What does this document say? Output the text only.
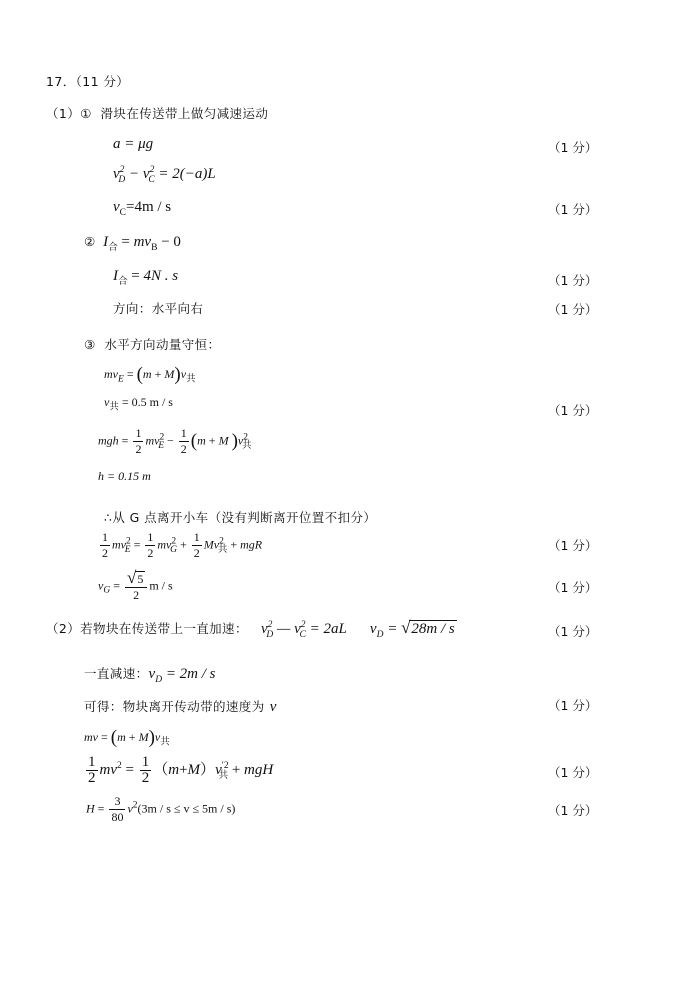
17．（11 分）
（1）① 滑块在传送带上做匀减速运动
a = μg	（1 分）
$v^2_D - v^2_C = 2(-a)L$
$v_C=4m / s$	（1 分）
② $I_合 = mv_B - 0$
$I_合 = 4N$ . s	（1 分）
方向：水平向右	（1 分）
③ 水平方向动量守恒：
$mv_E = (m + M)v_共$
$v_共 = 0.5$ m / s
（1 分）
mgh = $\frac{1}{2} mv^2_E - \frac{1}{2} (m + M$ )$v^2_共$
h = 0.15 m
∴从 G 点离开小车（没有判断离开位置不扣分）
$\frac{1}{2} mv^2_E = \frac{1}{2} mv^2_G + \frac{1}{2} Mv^2_共$ + mgR	（1 分）
$v_G = \frac{√5}{2}$ m / s	（1 分）
（2）若物块在传送带上一直加速： $v^2_D$ — $v^2_C = 2aL$ $v_D = √28m / s$	（1 分）
一直减速：$v_D = 2m / s$
可得：物块离开传动带的速度为 v	（1 分）
mv = $(m + M)v_共$
$\frac{1}{2} mv^2 = \frac{1}{2} (m+M)v^{'2}_共$ + mgH	（1 分）
$H = \frac{3}{80} v^2(3m / s \le v \le 5m / s)$	（1 分）
